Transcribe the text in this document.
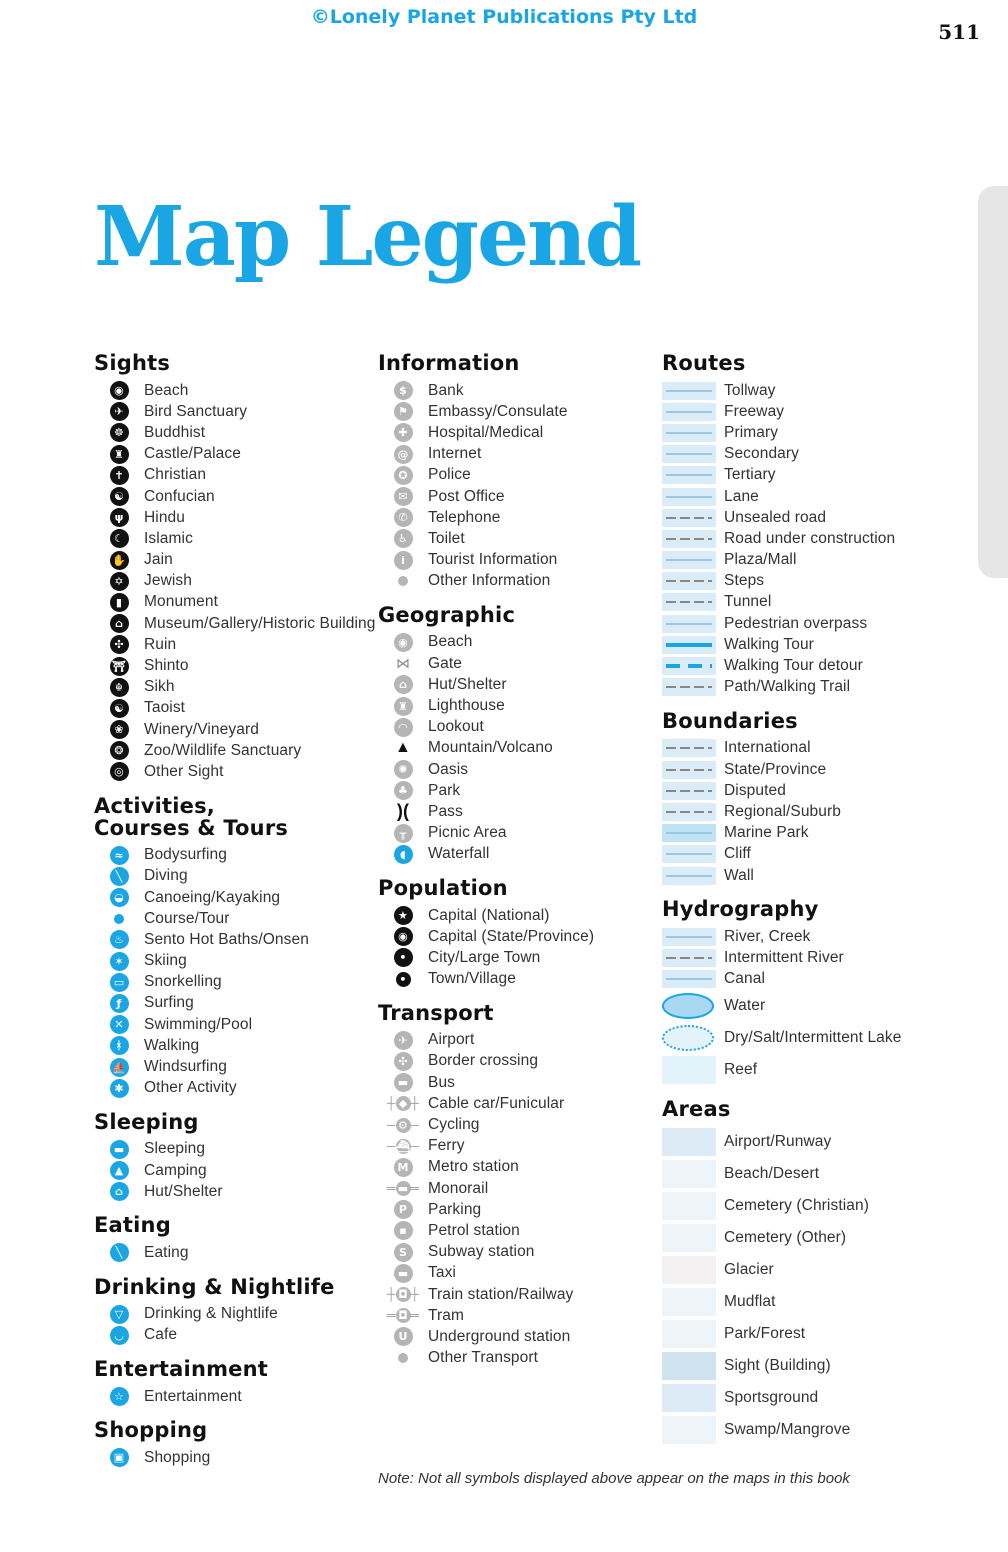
©Lonely Planet Publications Pty Ltd
511
Map Legend
Sights
◉	Beach
✈	Bird Sanctuary
☸ Buddhist
♜ Castle/Palace
✝	Christian
☯ Confucian
ψ	Hindu
☾ Islamic
✋ Jain
✡	Jewish
▮	Monument
⌂	Museum/Gallery/Historic Building
✣	Ruin
⛩ Shinto
☬	Sikh
☯ Taoist
❀	Winery/Vineyard
❂	Zoo/Wildlife Sanctuary
◎	Other Sight
Activities,
Courses & Tours
≈	Bodysurfing
╲	Diving
◒	Canoeing/Kayaking
Course/Tour
♨ Sento Hot Baths/Onsen
✶	Skiing
▭ Snorkelling
ƒ	Surfing
✕	Swimming/Pool
ᚼ	Walking
⛵ Windsurfing
✱	Other Activity
Sleeping
▬ Sleeping
▲	Camping
⌂	Hut/Shelter
Eating
╲	Eating
Drinking & Nightlife
▽	Drinking & Nightlife
◡	Cafe
Entertainment
☆ Entertainment
Shopping
▣ Shopping
Information
$	Bank
⚑ Embassy/Consulate
✚	Hospital/Medical
@ Internet
✪	Police
✉	Post Office
✆	Telephone
♿ Toilet
i	Tourist Information
Other Information
Geographic
◉	Beach
⋈ Gate
⌂	Hut/Shelter
♜ Lighthouse
◠	Lookout
▲ Mountain/Volcano
✺	Oasis
♣ Park
)( Pass
╥	Picnic Area
◖	Waterfall
Population
★ Capital (National)
◉	Capital (State/Province)
•	City/Large Town
• Town/Village
Transport
✈	Airport
✣	Border crossing
▬ Bus
┼ ◆ ┼ Cable car/Funicular
─ ⚙ ─ Cycling
─⛴─ Ferry
M Metro station
═ ▬ ═ Monorail
P	Parking
▪	Petrol station
S	Subway station
▬ Taxi
┼ ◘ ┼ Train station/Railway
═ ◘ ═ Tram
U	Underground station
Other Transport
Routes
Tollway
Freeway
Primary
Secondary
Tertiary
Lane
Unsealed road
Road under construction
Plaza/Mall
Steps
Tunnel
Pedestrian overpass
Walking Tour
Walking Tour detour
Path/Walking Trail
Boundaries
International
State/Province
Disputed
Regional/Suburb
Marine Park
Cliff
Wall
Hydrography
River, Creek
Intermittent River
Canal
Water
Dry/Salt/Intermittent Lake
Reef
Areas
Airport/Runway
Beach/Desert
Cemetery (Christian)
Cemetery (Other)
Glacier
Mudflat
Park/Forest
Sight (Building)
Sportsground
Swamp/Mangrove
Note: Not all symbols displayed above appear on the maps in this book
